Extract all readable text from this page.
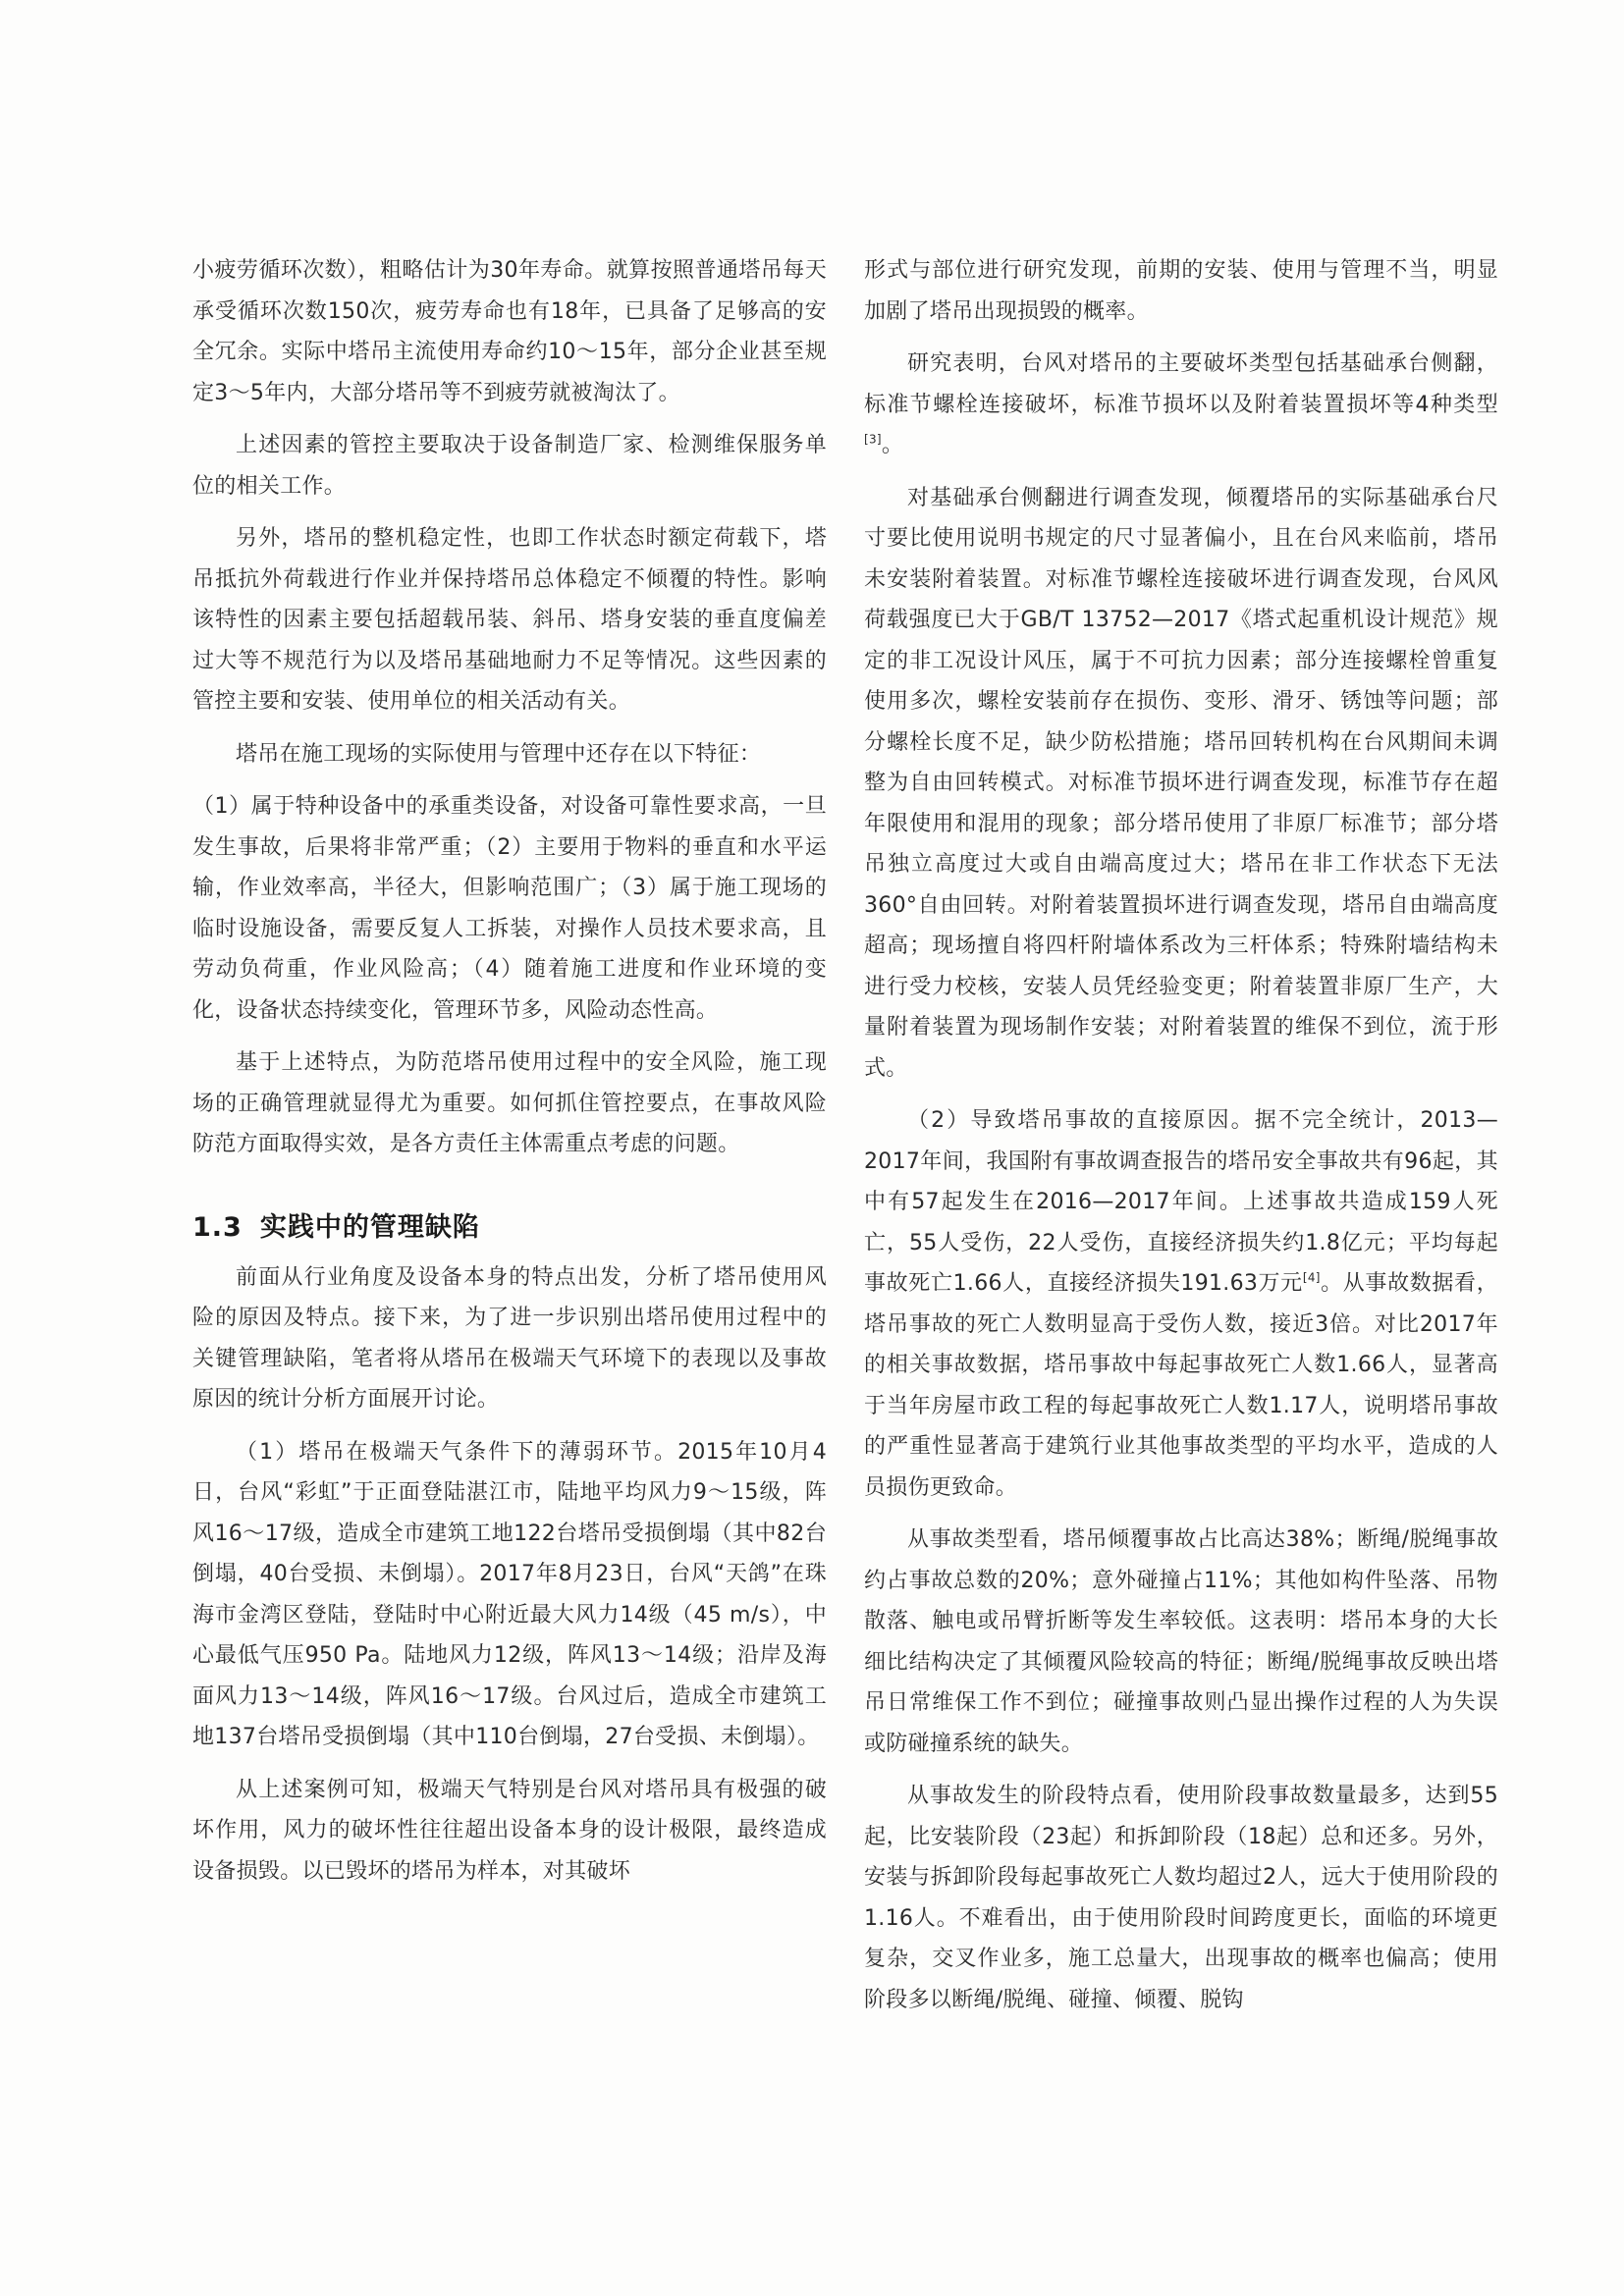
小疲劳循环次数），粗略估计为30年寿命。就算按照普通塔吊每天承受循环次数150次，疲劳寿命也有18年，已具备了足够高的安全冗余。实际中塔吊主流使用寿命约10～15年，部分企业甚至规定3～5年内，大部分塔吊等不到疲劳就被淘汰了。

上述因素的管控主要取决于设备制造厂家、检测维保服务单位的相关工作。

另外，塔吊的整机稳定性，也即工作状态时额定荷载下，塔吊抵抗外荷载进行作业并保持塔吊总体稳定不倾覆的特性。影响该特性的因素主要包括超载吊装、斜吊、塔身安装的垂直度偏差过大等不规范行为以及塔吊基础地耐力不足等情况。这些因素的管控主要和安装、使用单位的相关活动有关。

塔吊在施工现场的实际使用与管理中还存在以下特征：

（1）属于特种设备中的承重类设备，对设备可靠性要求高，一旦发生事故，后果将非常严重；（2）主要用于物料的垂直和水平运输，作业效率高，半径大，但影响范围广；（3）属于施工现场的临时设施设备，需要反复人工拆装，对操作人员技术要求高，且劳动负荷重，作业风险高；（4）随着施工进度和作业环境的变化，设备状态持续变化，管理环节多，风险动态性高。

基于上述特点，为防范塔吊使用过程中的安全风险，施工现场的正确管理就显得尤为重要。如何抓住管控要点，在事故风险防范方面取得实效，是各方责任主体需重点考虑的问题。

1.3 实践中的管理缺陷

前面从行业角度及设备本身的特点出发，分析了塔吊使用风险的原因及特点。接下来，为了进一步识别出塔吊使用过程中的关键管理缺陷，笔者将从塔吊在极端天气环境下的表现以及事故原因的统计分析方面展开讨论。

（1）塔吊在极端天气条件下的薄弱环节。2015年10月4日，台风“彩虹”于正面登陆湛江市，陆地平均风力9～15级，阵风16～17级，造成全市建筑工地122台塔吊受损倒塌（其中82台倒塌，40台受损、未倒塌）。2017年8月23日，台风“天鸽”在珠海市金湾区登陆，登陆时中心附近最大风力14级（45 m/s），中心最低气压950 Pa。陆地风力12级，阵风13～14级；沿岸及海面风力13～14级，阵风16～17级。台风过后，造成全市建筑工地137台塔吊受损倒塌（其中110台倒塌，27台受损、未倒塌）。

从上述案例可知，极端天气特别是台风对塔吊具有极强的破坏作用，风力的破坏性往往超出设备本身的设计极限，最终造成设备损毁。以已毁坏的塔吊为样本，对其破坏

形式与部位进行研究发现，前期的安装、使用与管理不当，明显加剧了塔吊出现损毁的概率。

研究表明，台风对塔吊的主要破坏类型包括基础承台侧翻，标准节螺栓连接破坏，标准节损坏以及附着装置损坏等4种类型[3]。

对基础承台侧翻进行调查发现，倾覆塔吊的实际基础承台尺寸要比使用说明书规定的尺寸显著偏小，且在台风来临前，塔吊未安装附着装置。对标准节螺栓连接破坏进行调查发现，台风风荷载强度已大于GB/T 13752—2017《塔式起重机设计规范》规定的非工况设计风压，属于不可抗力因素；部分连接螺栓曾重复使用多次，螺栓安装前存在损伤、变形、滑牙、锈蚀等问题；部分螺栓长度不足，缺少防松措施；塔吊回转机构在台风期间未调整为自由回转模式。对标准节损坏进行调查发现，标准节存在超年限使用和混用的现象；部分塔吊使用了非原厂标准节；部分塔吊独立高度过大或自由端高度过大；塔吊在非工作状态下无法360°自由回转。对附着装置损坏进行调查发现，塔吊自由端高度超高；现场擅自将四杆附墙体系改为三杆体系；特殊附墙结构未进行受力校核，安装人员凭经验变更；附着装置非原厂生产，大量附着装置为现场制作安装；对附着装置的维保不到位，流于形式。

（2）导致塔吊事故的直接原因。据不完全统计，2013—2017年间，我国附有事故调查报告的塔吊安全事故共有96起，其中有57起发生在2016—2017年间。上述事故共造成159人死亡，55人受伤，22人受伤，直接经济损失约1.8亿元；平均每起事故死亡1.66人，直接经济损失191.63万元[4]。从事故数据看，塔吊事故的死亡人数明显高于受伤人数，接近3倍。对比2017年的相关事故数据，塔吊事故中每起事故死亡人数1.66人，显著高于当年房屋市政工程的每起事故死亡人数1.17人，说明塔吊事故的严重性显著高于建筑行业其他事故类型的平均水平，造成的人员损伤更致命。

从事故类型看，塔吊倾覆事故占比高达38%；断绳/脱绳事故约占事故总数的20%；意外碰撞占11%；其他如构件坠落、吊物散落、触电或吊臂折断等发生率较低。这表明：塔吊本身的大长细比结构决定了其倾覆风险较高的特征；断绳/脱绳事故反映出塔吊日常维保工作不到位；碰撞事故则凸显出操作过程的人为失误或防碰撞系统的缺失。

从事故发生的阶段特点看，使用阶段事故数量最多，达到55起，比安装阶段（23起）和拆卸阶段（18起）总和还多。另外，安装与拆卸阶段每起事故死亡人数均超过2人，远大于使用阶段的1.16人。不难看出，由于使用阶段时间跨度更长，面临的环境更复杂，交叉作业多，施工总量大，出现事故的概率也偏高；使用阶段多以断绳/脱绳、碰撞、倾覆、脱钩
